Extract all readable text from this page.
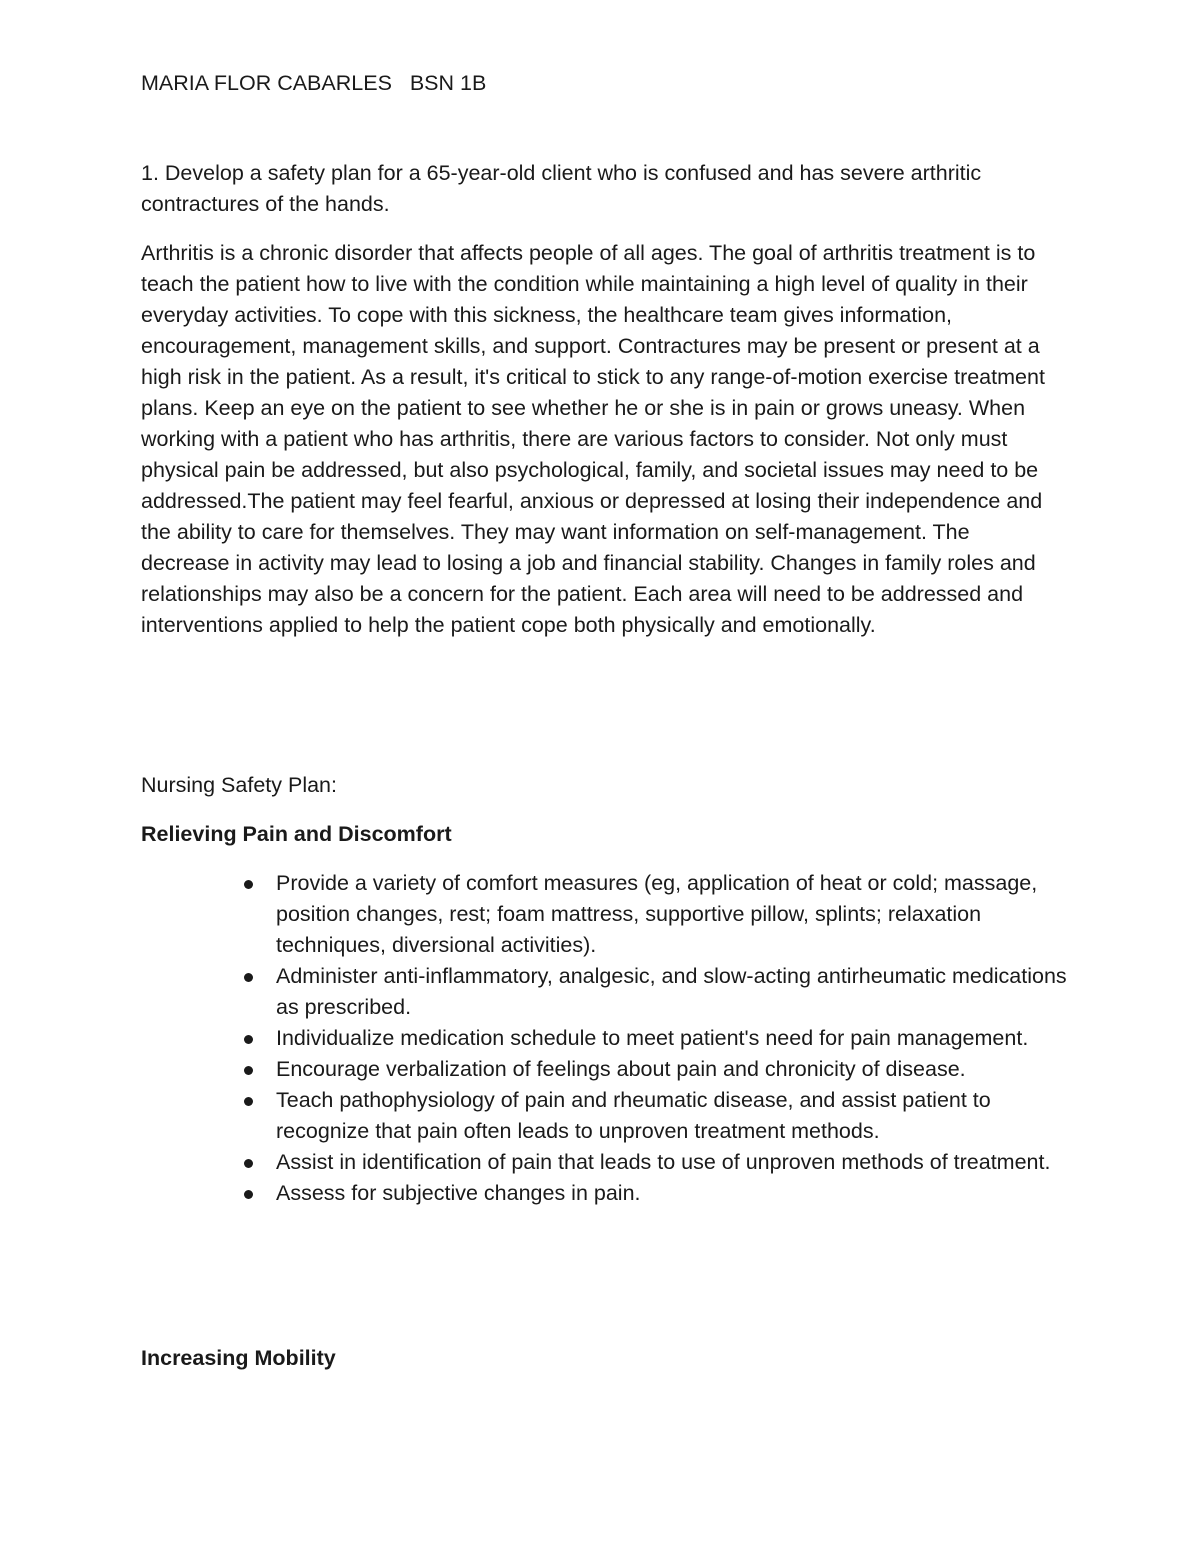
MARIA FLOR CABARLES   BSN 1B

1. Develop a safety plan for a 65-year-old client who is confused and has severe arthritic contractures of the hands.

Arthritis is a chronic disorder that affects people of all ages. The goal of arthritis treatment is to teach the patient how to live with the condition while maintaining a high level of quality in their everyday activities. To cope with this sickness, the healthcare team gives information, encouragement, management skills, and support. Contractures may be present or present at a high risk in the patient. As a result, it's critical to stick to any range-of-motion exercise treatment plans. Keep an eye on the patient to see whether he or she is in pain or grows uneasy. When working with a patient who has arthritis, there are various factors to consider. Not only must physical pain be addressed, but also psychological, family, and societal issues may need to be addressed.The patient may feel fearful, anxious or depressed at losing their independence and the ability to care for themselves. They may want information on self-management. The decrease in activity may lead to losing a job and financial stability. Changes in family roles and relationships may also be a concern for the patient. Each area will need to be addressed and interventions applied to help the patient cope both physically and emotionally.

Nursing Safety Plan:
Relieving Pain and Discomfort
Provide a variety of comfort measures (eg, application of heat or cold; massage, position changes, rest; foam mattress, supportive pillow, splints; relaxation techniques, diversional activities).
Administer anti-inflammatory, analgesic, and slow-acting antirheumatic medications as prescribed.
Individualize medication schedule to meet patient's need for pain management.
Encourage verbalization of feelings about pain and chronicity of disease.
Teach pathophysiology of pain and rheumatic disease, and assist patient to recognize that pain often leads to unproven treatment methods.
Assist in identification of pain that leads to use of unproven methods of treatment.
Assess for subjective changes in pain.
Increasing Mobility
